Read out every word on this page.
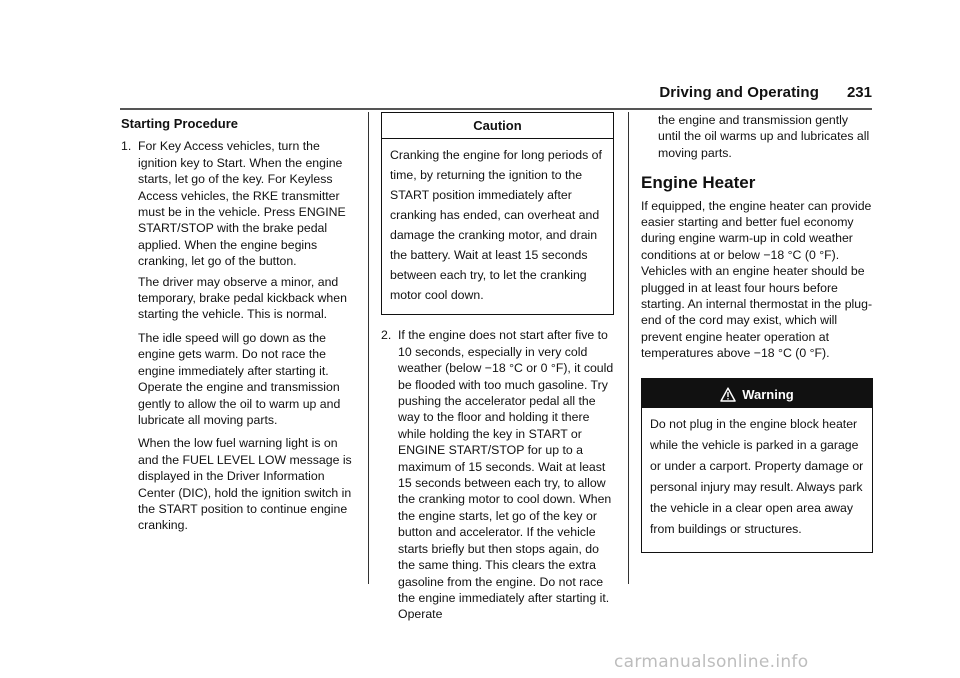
Driving and Operating 231
Starting Procedure
1. For Key Access vehicles, turn the ignition key to Start. When the engine starts, let go of the key. For Keyless Access vehicles, the RKE transmitter must be in the vehicle. Press ENGINE START/STOP with the brake pedal applied. When the engine begins cranking, let go of the button.

The driver may observe a minor, and temporary, brake pedal kickback when starting the vehicle. This is normal.

The idle speed will go down as the engine gets warm. Do not race the engine immediately after starting it. Operate the engine and transmission gently to allow the oil to warm up and lubricate all moving parts.

When the low fuel warning light is on and the FUEL LEVEL LOW message is displayed in the Driver Information Center (DIC), hold the ignition switch in the START position to continue engine cranking.

Caution
Cranking the engine for long periods of time, by returning the ignition to the START position immediately after cranking has ended, can overheat and damage the cranking motor, and drain the battery. Wait at least 15 seconds between each try, to let the cranking motor cool down.
2. If the engine does not start after five to 10 seconds, especially in very cold weather (below −18 °C or 0 °F), it could be flooded with too much gasoline. Try pushing the accelerator pedal all the way to the floor and holding it there while holding the key in START or ENGINE START/STOP for up to a maximum of 15 seconds. Wait at least 15 seconds between each try, to allow the cranking motor to cool down. When the engine starts, let go of the key or button and accelerator. If the vehicle starts briefly but then stops again, do the same thing. This clears the extra gasoline from the engine. Do not race the engine immediately after starting it. Operate

the engine and transmission gently until the oil warms up and lubricates all moving parts.

Engine Heater

If equipped, the engine heater can provide easier starting and better fuel economy during engine warm-up in cold weather conditions at or below −18 °C (0 °F). Vehicles with an engine heater should be plugged in at least four hours before starting. An internal thermostat in the plug-end of the cord may exist, which will prevent engine heater operation at temperatures above −18 °C (0 °F).

Warning
Do not plug in the engine block heater while the vehicle is parked in a garage or under a carport. Property damage or personal injury may result. Always park the vehicle in a clear open area away from buildings or structures.
carmanualsonline.info
